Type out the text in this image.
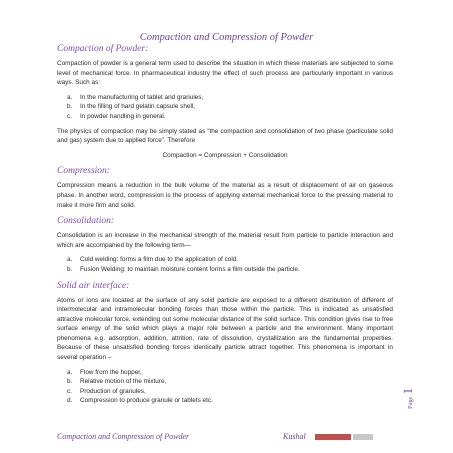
Compaction and Compression of Powder
Compaction of Powder:

Compaction of powder is a general term used to describe the situation in which these materials are subjected to some level of mechanical force. In pharmaceutical industry the effect of such process are particularly important in various ways. Such as:

a.	In the manufacturing of tablet and granules,
b.	In the filling of hard gelatin capsule shell,
c.	In powder handling in general.

The physics of compaction may be simply stated as “the compaction and consolidation of two phase (particulate solid and gas) system due to applied force”. Therefore

Compaction = Compression + Consolidation
Compression:

Compression means a reduction in the bulk volume of the material as a result of displacement of air on gaseous phase. In another word, compression is the process of applying external mechanical force to the pressing material to make it more firm and solid.

Consolidation:

Consolidation is an increase in the mechanical strength of the material result from particle to particle interaction and which are accompanied by the following term—

a.	Cold welding: forms a film due to the application of cold.
b.	Fusion Welding: to maintain moisture content forms a film outside the particle.
Solid air interface:

Atoms or ions are located at the surface of any solid particle are exposed to a different distribution of different of intermolecular and intramolecular bonding forces than those within the particle. This is indicated as unsatisfied attractive molecular force, extending out some molecular distance of the solid surface. This condition gives rise to free surface energy of the solid which plays a major role between a particle and the environment. Many important phenomena e.g. adsorption, addition, attrition, rate of dissolution, crystallization are the fundamental properties. Because of these unsatisfied bonding forces identically particle attract together. This phenomena is important in several operation –

a.	Flow from the hopper,
b.	Relative motion of the mixture,
c.	Production of granules,
d.	Compression to produce granule or tablets etc.	Page1
Compaction and Compression of Powder	Kushal
